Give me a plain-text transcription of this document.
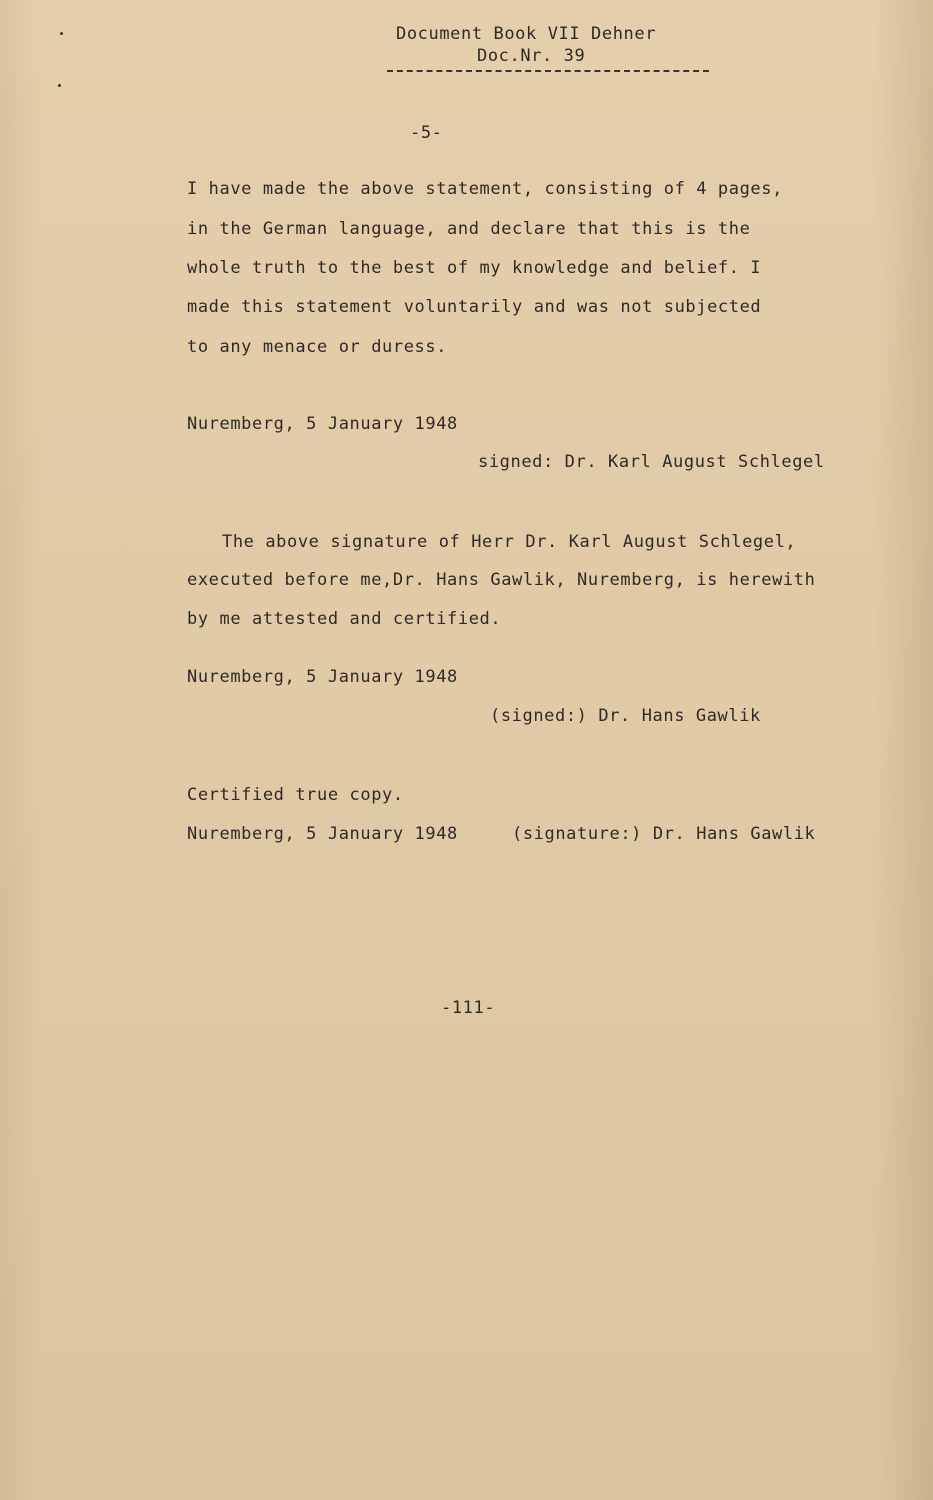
Document Book VII Dehner
Doc.Nr. 39
-5-
I have made the above statement, consisting of 4 pages,
in the German language, and declare that this is the
whole truth to the best of my knowledge and belief. I
made this statement voluntarily and was not subjected
to any menace or duress.
Nuremberg, 5 January 1948
signed: Dr. Karl August Schlegel
The above signature of Herr Dr. Karl August Schlegel,
executed before me,Dr. Hans Gawlik, Nuremberg, is herewith
by me attested and certified.
Nuremberg, 5 January 1948
(signed:) Dr. Hans Gawlik
Certified true copy.
Nuremberg, 5 January 1948	(signature:) Dr. Hans Gawlik
-111-
